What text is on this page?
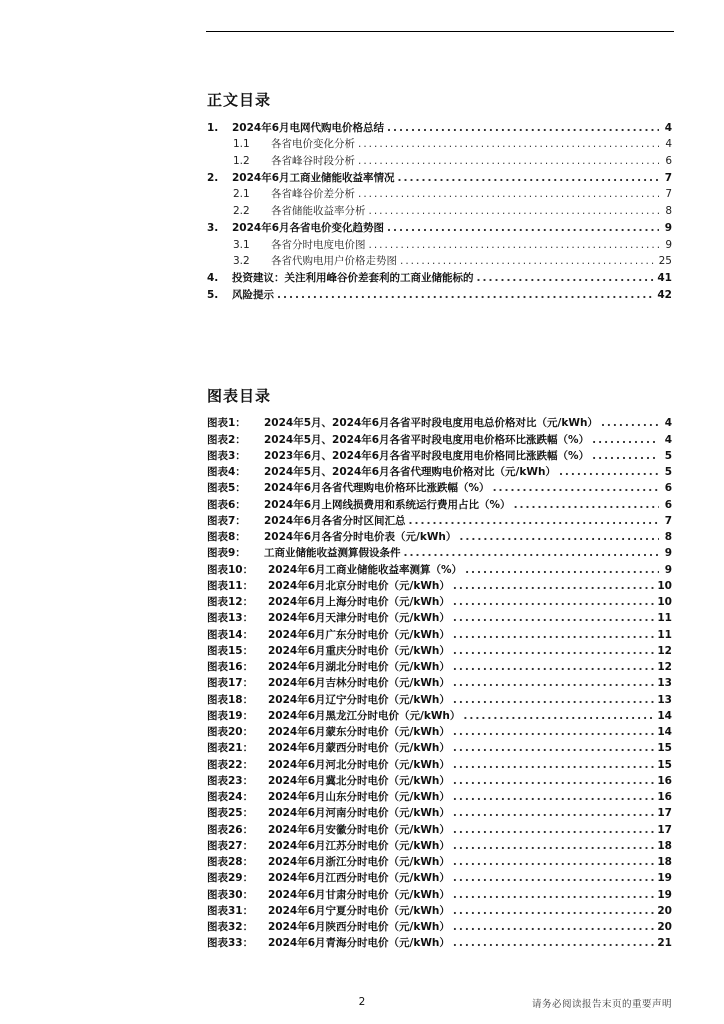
正文目录
1.	2024年6月电网代购电价格总结 .....	4
1.1	各省电价变化分析 .....	4
1.2	各省峰谷时段分析 .....	6
2.	2024年6月工商业储能收益率情况 .....	7
2.1	各省峰谷价差分析 .....	7
2.2	各省储能收益率分析 .....	8
3.	2024年6月各省电价变化趋势图 .....	9
3.1	各省分时电度电价图 .....	9
3.2	各省代购电用户价格走势图 .....	25
4.	投资建议：关注利用峰谷价差套利的工商业储能标的 .....	41
5.	风险提示 .....	42
图表目录
图表1：	2024年5月、2024年6月各省平时段电度用电总价格对比（元/kWh） .....	4
图表2：	2024年5月、2024年6月各省平时段电度用电价格环比涨跌幅（%） .....	4
图表3：	2023年6月、2024年6月各省平时段电度用电价格同比涨跌幅（%） .....	5
图表4：	2024年5月、2024年6月各省代理购电价格对比（元/kWh） .....	5
图表5：	2024年6月各省代理购电价格环比涨跌幅（%） .....	6
图表6：	2024年6月上网线损费用和系统运行费用占比（%） .....	6
图表7：	2024年6月各省分时区间汇总 .....	7
图表8：	2024年6月各省分时电价表（元/kWh） .....	8
图表9：	工商业储能收益测算假设条件 .....	9
图表10：	2024年6月工商业储能收益率测算（%） .....	9
图表11：	2024年6月北京分时电价（元/kWh） .....	10
图表12：	2024年6月上海分时电价（元/kWh） .....	10
图表13：	2024年6月天津分时电价（元/kWh） .....	11
图表14：	2024年6月广东分时电价（元/kWh） .....	11
图表15：	2024年6月重庆分时电价（元/kWh） .....	12
图表16：	2024年6月湖北分时电价（元/kWh） .....	12
图表17：	2024年6月吉林分时电价（元/kWh） .....	13
图表18：	2024年6月辽宁分时电价（元/kWh） .....	13
图表19：	2024年6月黑龙江分时电价（元/kWh） .....	14
图表20：	2024年6月蒙东分时电价（元/kWh） .....	14
图表21：	2024年6月蒙西分时电价（元/kWh） .....	15
图表22：	2024年6月河北分时电价（元/kWh） .....	15
图表23：	2024年6月冀北分时电价（元/kWh） .....	16
图表24：	2024年6月山东分时电价（元/kWh） .....	16
图表25：	2024年6月河南分时电价（元/kWh） .....	17
图表26：	2024年6月安徽分时电价（元/kWh） .....	17
图表27：	2024年6月江苏分时电价（元/kWh） .....	18
图表28：	2024年6月浙江分时电价（元/kWh） .....	18
图表29：	2024年6月江西分时电价（元/kWh） .....	19
图表30：	2024年6月甘肃分时电价（元/kWh） .....	19
图表31：	2024年6月宁夏分时电价（元/kWh） .....	20
图表32：	2024年6月陕西分时电价（元/kWh） .....	20
图表33：	2024年6月青海分时电价（元/kWh） .....	21
2	请务必阅读报告末页的重要声明
